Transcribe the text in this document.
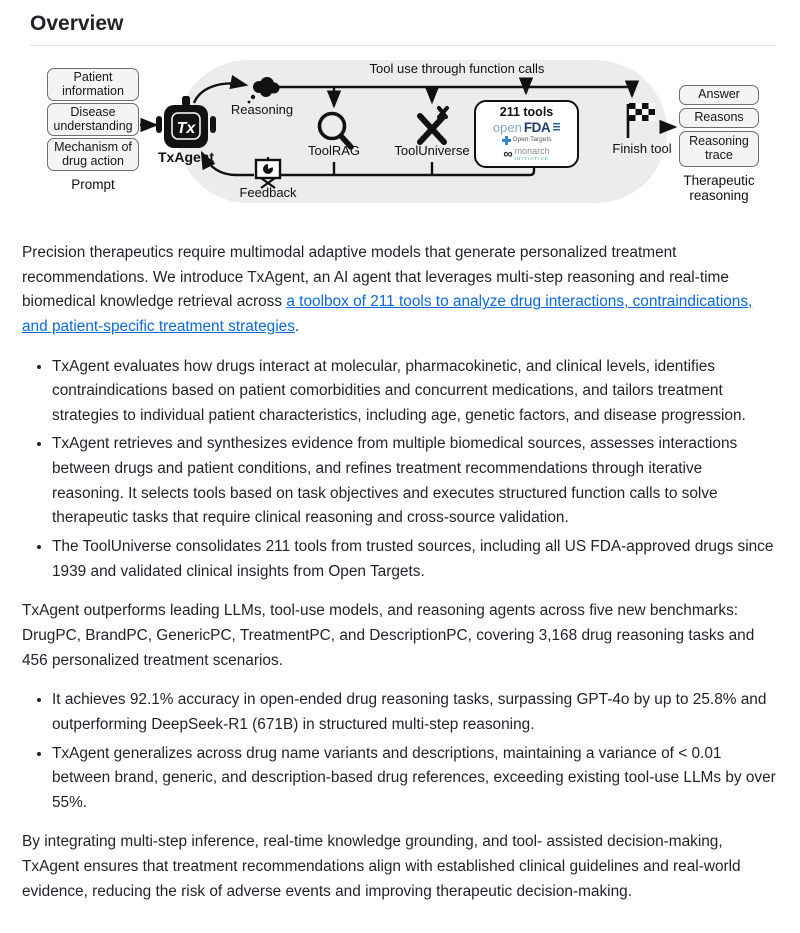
Overview
Tx
Tool use through function calls
Patient information
Disease understanding
Mechanism of drug action
Prompt
TxAgent
Reasoning
ToolRAG	ToolUniverse	Finish tool
Feedback
211 tools
open FDA
Open Targets
∞ monarch
INITIATIVE
Answer
Reasons
Reasoning trace
Therapeutic reasoning

Precision therapeutics require multimodal adaptive models that generate personalized treatment recommendations. We introduce TxAgent, an AI agent that leverages multi-step reasoning and real-time biomedical knowledge retrieval across a toolbox of 211 tools to analyze drug interactions, contraindications, and patient-specific treatment strategies.

• TxAgent evaluates how drugs interact at molecular, pharmacokinetic, and clinical levels, identifies contraindications based on patient comorbidities and concurrent medications, and tailors treatment strategies to individual patient characteristics, including age, genetic factors, and disease progression.
• TxAgent retrieves and synthesizes evidence from multiple biomedical sources, assesses interactions between drugs and patient conditions, and refines treatment recommendations through iterative reasoning. It selects tools based on task objectives and executes structured function calls to solve therapeutic tasks that require clinical reasoning and cross-source validation.
• The ToolUniverse consolidates 211 tools from trusted sources, including all US FDA-approved drugs since 1939 and validated clinical insights from Open Targets.

TxAgent outperforms leading LLMs, tool-use models, and reasoning agents across five new benchmarks: DrugPC, BrandPC, GenericPC, TreatmentPC, and DescriptionPC, covering 3,168 drug reasoning tasks and 456 personalized treatment scenarios.

• It achieves 92.1% accuracy in open-ended drug reasoning tasks, surpassing GPT-4o by up to 25.8% and outperforming DeepSeek-R1 (671B) in structured multi-step reasoning.
• TxAgent generalizes across drug name variants and descriptions, maintaining a variance of < 0.01 between brand, generic, and description-based drug references, exceeding existing tool-use LLMs by over 55%.

By integrating multi-step inference, real-time knowledge grounding, and tool- assisted decision-making, TxAgent ensures that treatment recommendations align with established clinical guidelines and real-world evidence, reducing the risk of adverse events and improving therapeutic decision-making.
